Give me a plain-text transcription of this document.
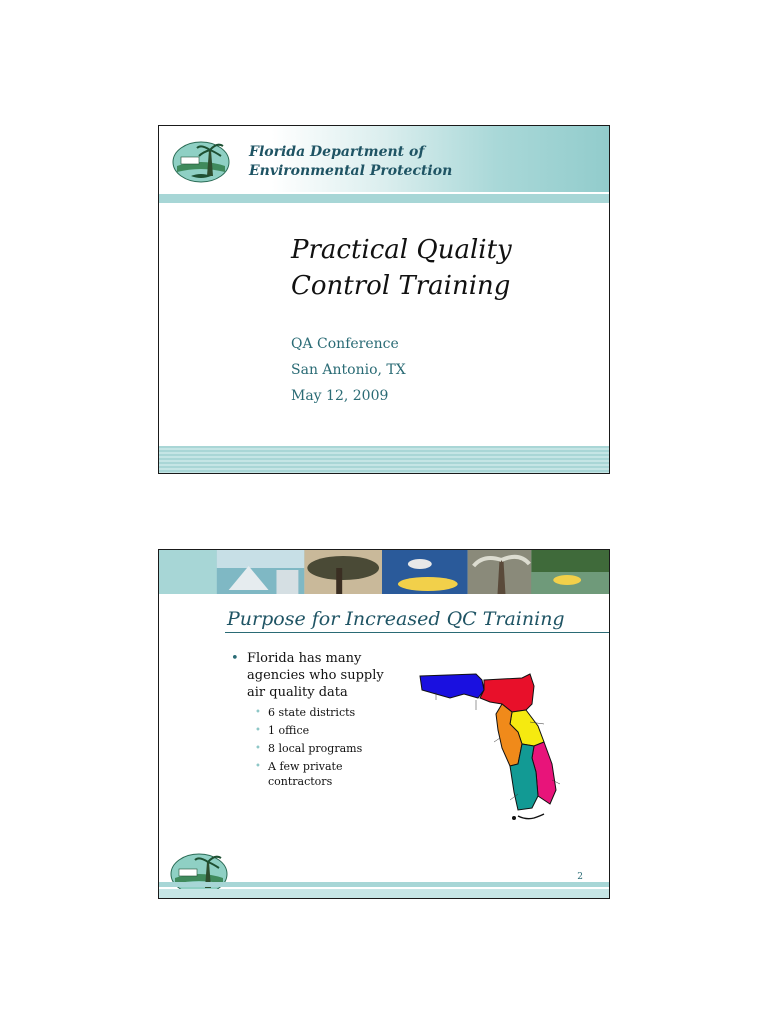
Florida Department of
Environmental Protection
Practical Quality
Control Training
QA Conference
San Antonio, TX
May 12, 2009
Purpose for Increased QC Training
• Florida has many
agencies who supply
air quality data
• 6 state districts
• 1 office
• 8 local programs
• A few private
contractors
2
